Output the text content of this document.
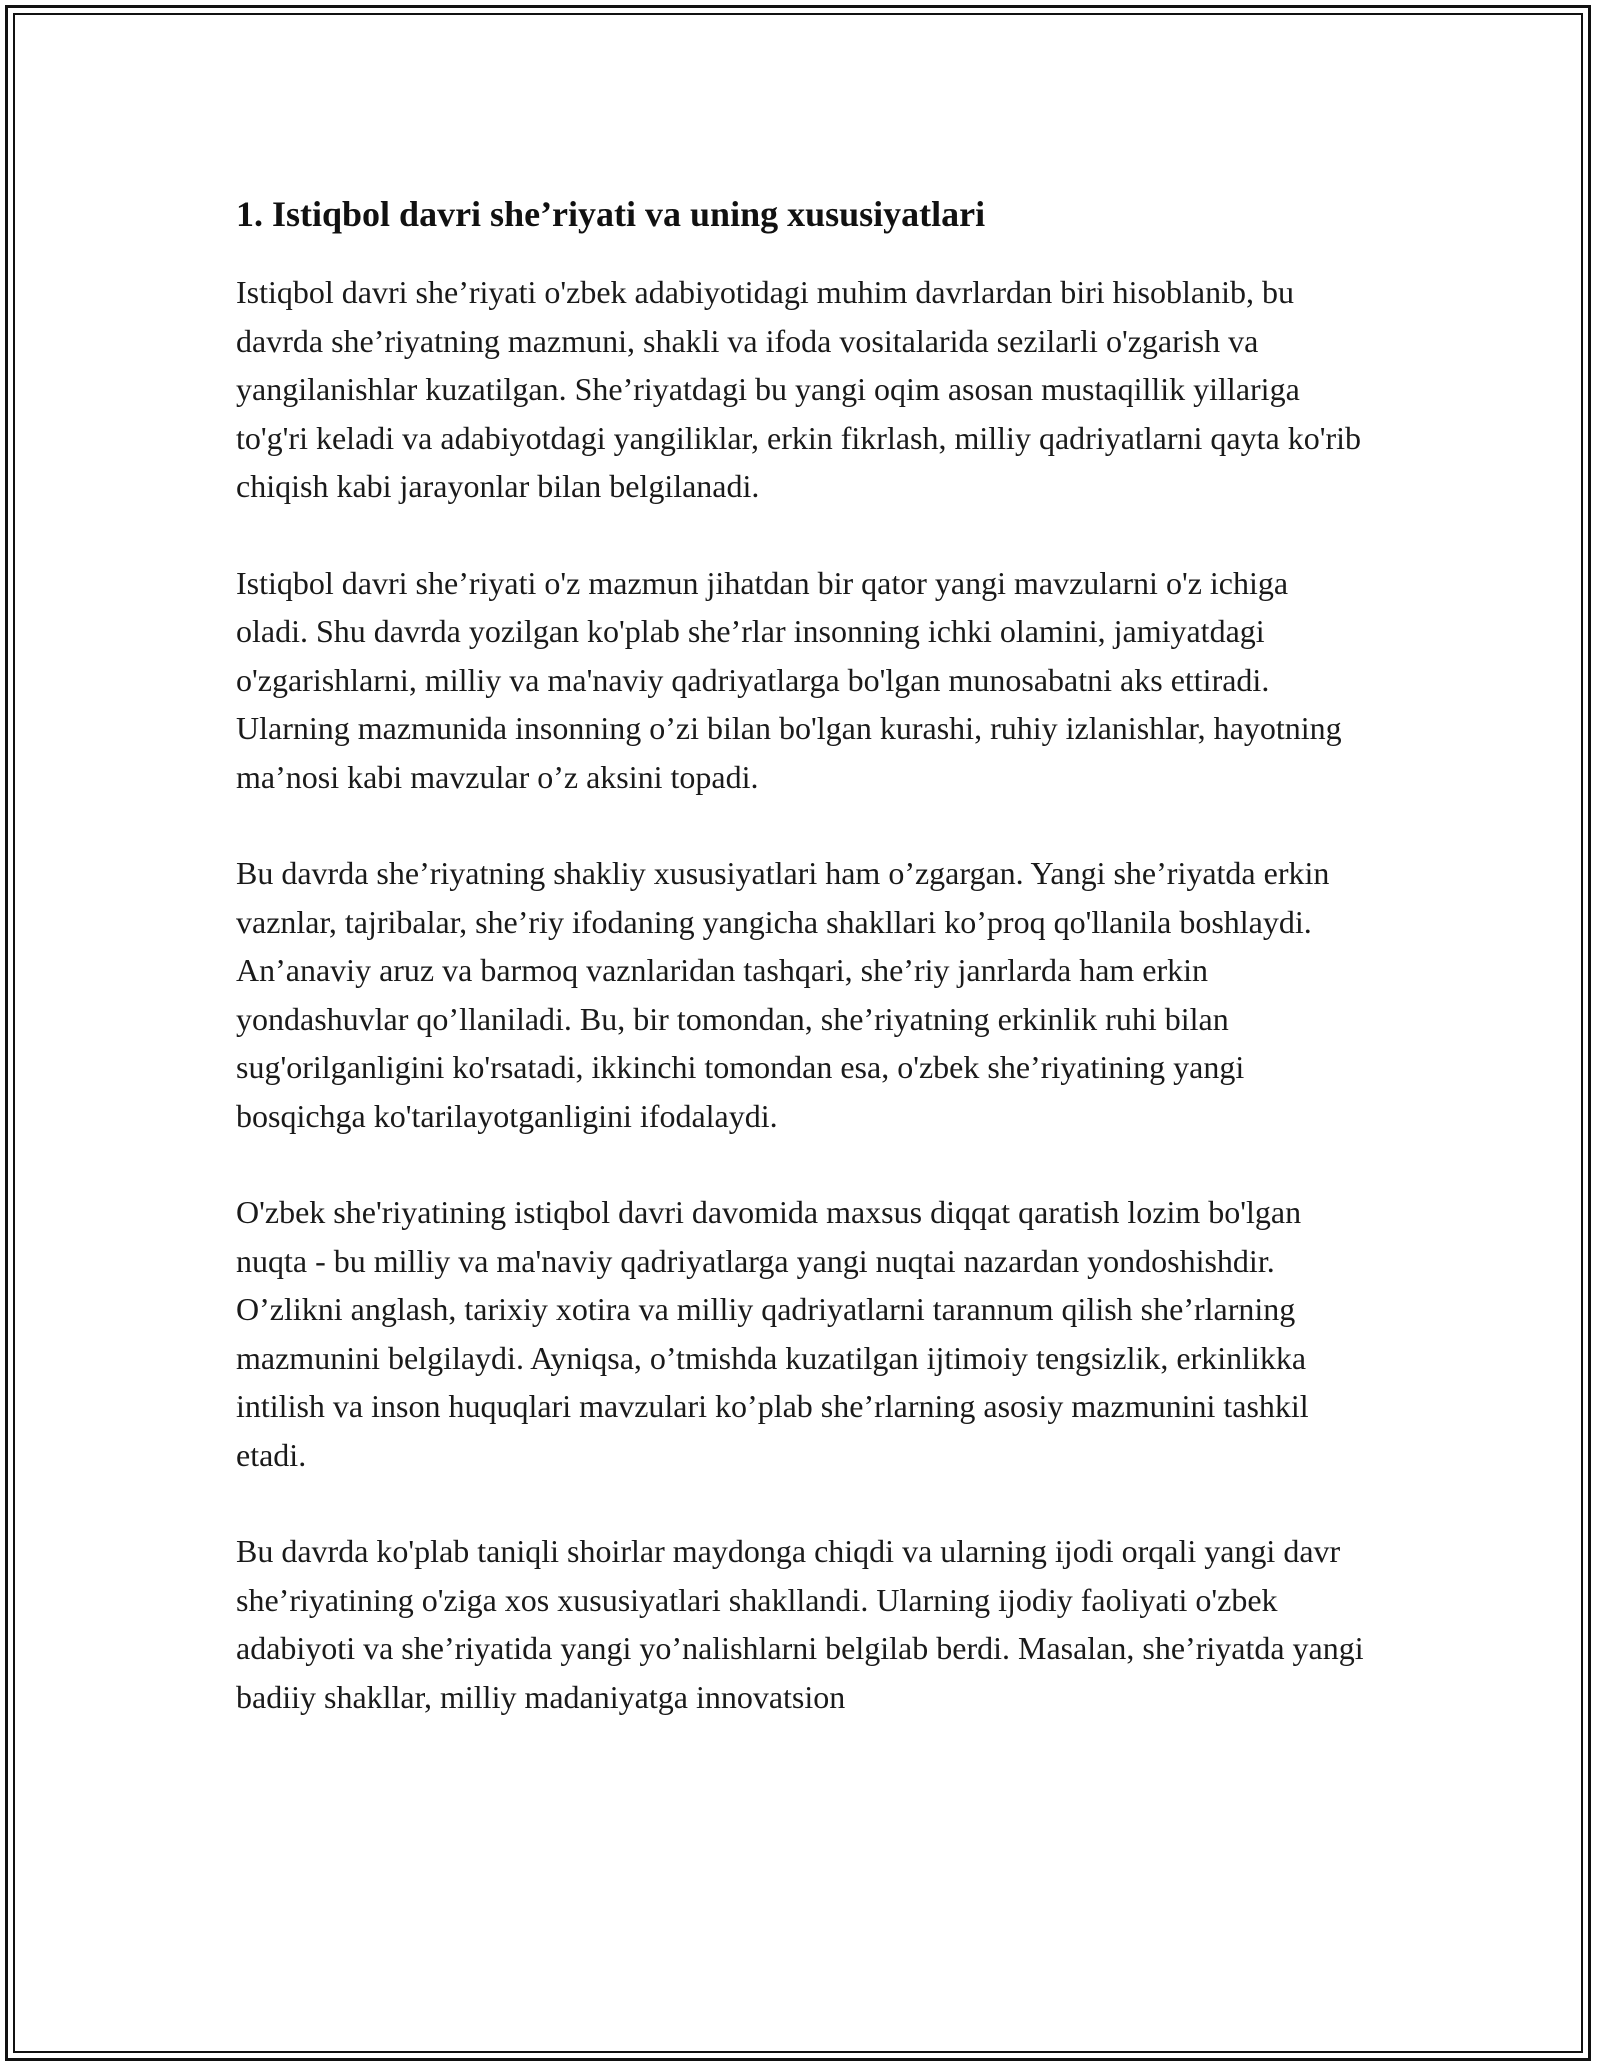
1. Istiqbol davri she’riyati va uning xususiyatlari

Istiqbol davri she’riyati o'zbek adabiyotidagi muhim davrlardan biri hisoblanib, bu davrda she’riyatning mazmuni, shakli va ifoda vositalarida sezilarli o'zgarish va yangilanishlar kuzatilgan. She’riyatdagi bu yangi oqim asosan mustaqillik yillariga to'g'ri keladi va adabiyotdagi yangiliklar, erkin fikrlash, milliy qadriyatlarni qayta ko'rib chiqish kabi jarayonlar bilan belgilanadi.

Istiqbol davri she’riyati o'z mazmun jihatdan bir qator yangi mavzularni o'z ichiga oladi. Shu davrda yozilgan ko'plab she’rlar insonning ichki olamini, jamiyatdagi o'zgarishlarni, milliy va ma'naviy qadriyatlarga bo'lgan munosabatni aks ettiradi. Ularning mazmunida insonning o’zi bilan bo'lgan kurashi, ruhiy izlanishlar, hayotning ma’nosi kabi mavzular o’z aksini topadi.

Bu davrda she’riyatning shakliy xususiyatlari ham o’zgargan. Yangi she’riyatda erkin vaznlar, tajribalar, she’riy ifodaning yangicha shakllari ko’proq qo'llanila boshlaydi. An’anaviy aruz va barmoq vaznlaridan tashqari, she’riy janrlarda ham erkin yondashuvlar qo’llaniladi. Bu, bir tomondan, she’riyatning erkinlik ruhi bilan sug'orilganligini ko'rsatadi, ikkinchi tomondan esa, o'zbek she’riyatining yangi bosqichga ko'tarilayotganligini ifodalaydi.

O'zbek she'riyatining istiqbol davri davomida maxsus diqqat qaratish lozim bo'lgan nuqta - bu milliy va ma'naviy qadriyatlarga yangi nuqtai nazardan yondoshishdir. O’zlikni anglash, tarixiy xotira va milliy qadriyatlarni tarannum qilish she’rlarning mazmunini belgilaydi. Ayniqsa, o’tmishda kuzatilgan ijtimoiy tengsizlik, erkinlikka intilish va inson huquqlari mavzulari ko’plab she’rlarning asosiy mazmunini tashkil etadi.

Bu davrda ko'plab taniqli shoirlar maydonga chiqdi va ularning ijodi orqali yangi davr she’riyatining o'ziga xos xususiyatlari shakllandi. Ularning ijodiy faoliyati o'zbek adabiyoti va she’riyatida yangi yo’nalishlarni belgilab berdi. Masalan, she’riyatda yangi badiiy shakllar, milliy madaniyatga innovatsion
